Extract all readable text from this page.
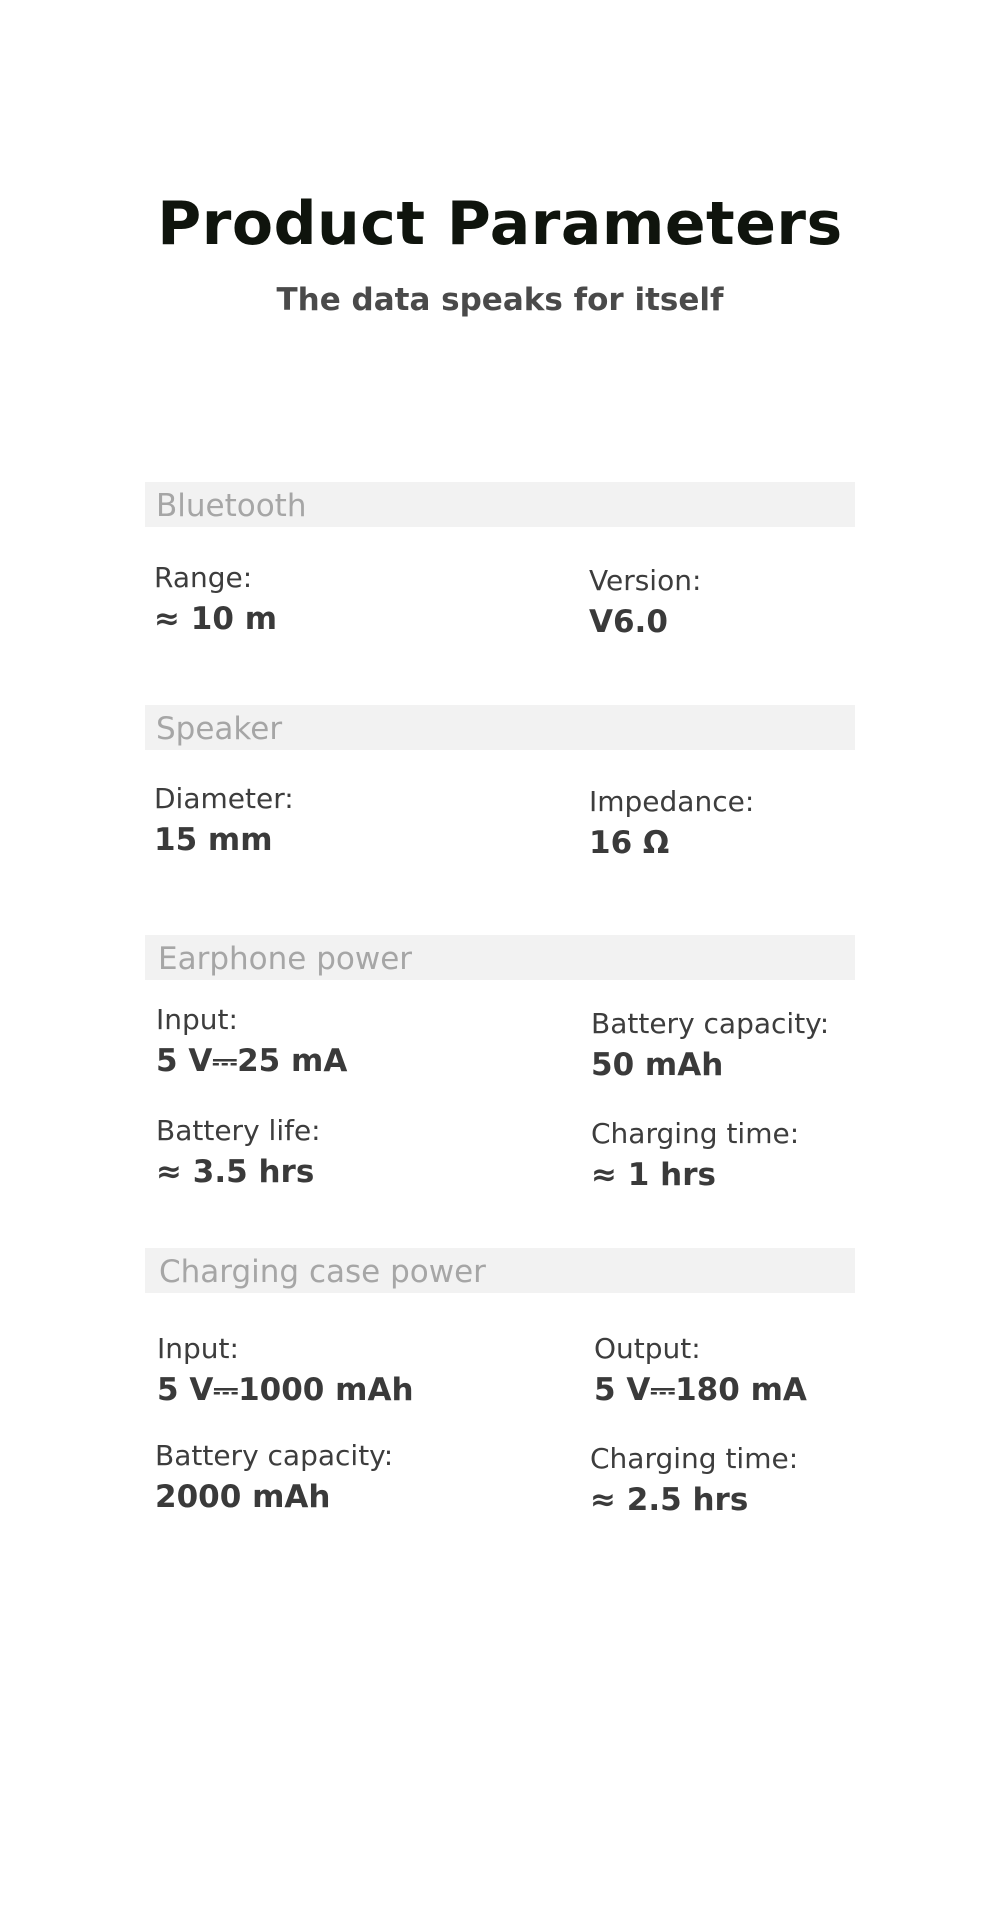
Product Parameters

The data speaks for itself

Bluetooth
Range:
≈ 10 m
Version:
V6.0
Speaker
Diameter:
15 mm
Impedance:
16 Ω
Earphone power
Input:
5 V⎓25 mA
Battery capacity:
50 mAh
Battery life:
≈ 3.5 hrs
Charging time:
≈ 1 hrs
Charging case power
Input:
5 V⎓1000 mAh
Output:
5 V⎓180 mA
Battery capacity:
2000 mAh
Charging time:
≈ 2.5 hrs
